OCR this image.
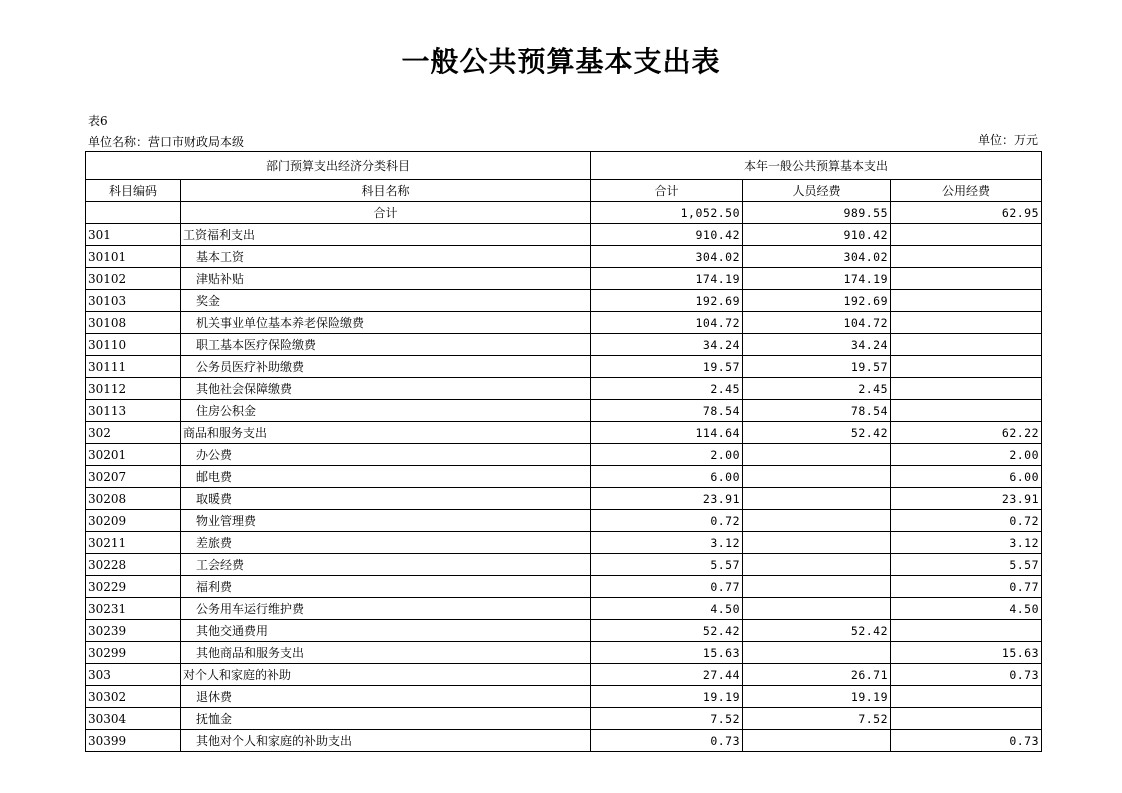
一般公共预算基本支出表
表6
单位名称：营口市财政局本级	单位：万元
部门预算支出经济分类科目		本年一般公共预算基本支出		
科目编码	科目名称	合计	人员经费	公用经费
	合计	1,052.50	989.55	62.95
301	工资福利支出	910.42	910.42	
30101	基本工资	304.02	304.02	
30102	津贴补贴	174.19	174.19	
30103	奖金	192.69	192.69	
30108	机关事业单位基本养老保险缴费	104.72	104.72	
30110	职工基本医疗保险缴费	34.24	34.24	
30111	公务员医疗补助缴费	19.57	19.57	
30112	其他社会保障缴费	2.45	2.45	
30113	住房公积金	78.54	78.54	
302	商品和服务支出	114.64	52.42	62.22
30201	办公费	2.00		2.00
30207	邮电费	6.00		6.00
30208	取暖费	23.91		23.91
30209	物业管理费	0.72		0.72
30211	差旅费	3.12		3.12
30228	工会经费	5.57		5.57
30229	福利费	0.77		0.77
30231	公务用车运行维护费	4.50		4.50
30239	其他交通费用	52.42	52.42	
30299	其他商品和服务支出	15.63		15.63
303	对个人和家庭的补助	27.44	26.71	0.73
30302	退休费	19.19	19.19	
30304	抚恤金	7.52	7.52	
30399	其他对个人和家庭的补助支出	0.73		0.73
